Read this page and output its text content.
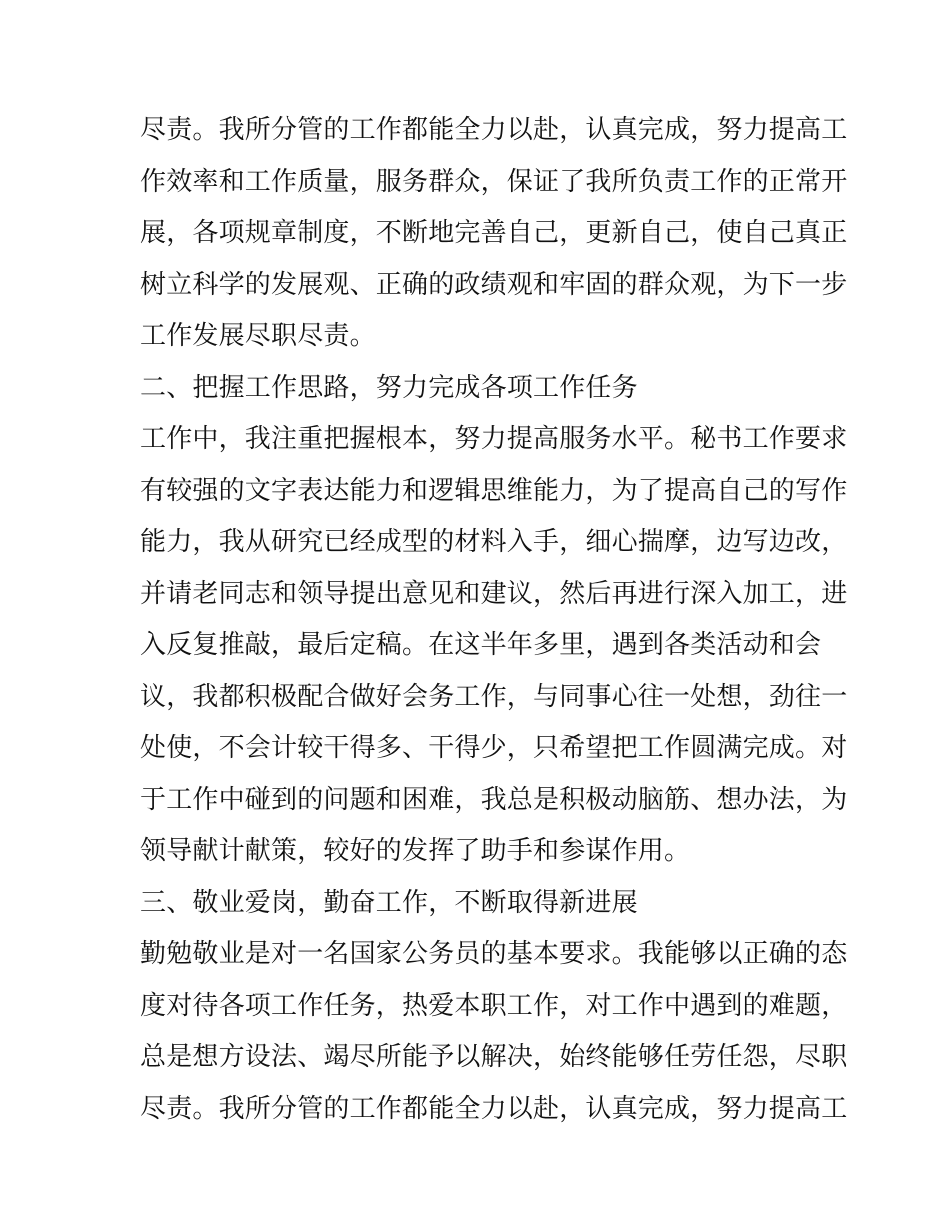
尽责。我所分管的工作都能全力以赴，认真完成，努力提高工
作效率和工作质量，服务群众，保证了我所负责工作的正常开
展，各项规章制度，不断地完善自己，更新自己，使自己真正
树立科学的发展观、正确的政绩观和牢固的群众观，为下一步
工作发展尽职尽责。
二、把握工作思路，努力完成各项工作任务
工作中，我注重把握根本，努力提高服务水平。秘书工作要求
有较强的文字表达能力和逻辑思维能力，为了提高自己的写作
能力，我从研究已经成型的材料入手，细心揣摩，边写边改，
并请老同志和领导提出意见和建议，然后再进行深入加工，进
入反复推敲，最后定稿。在这半年多里，遇到各类活动和会
议，我都积极配合做好会务工作，与同事心往一处想，劲往一
处使，不会计较干得多、干得少，只希望把工作圆满完成。对
于工作中碰到的问题和困难，我总是积极动脑筋、想办法，为
领导献计献策，较好的发挥了助手和参谋作用。
三、敬业爱岗，勤奋工作，不断取得新进展
勤勉敬业是对一名国家公务员的基本要求。我能够以正确的态
度对待各项工作任务，热爱本职工作，对工作中遇到的难题，
总是想方设法、竭尽所能予以解决，始终能够任劳任怨，尽职
尽责。我所分管的工作都能全力以赴，认真完成，努力提高工
